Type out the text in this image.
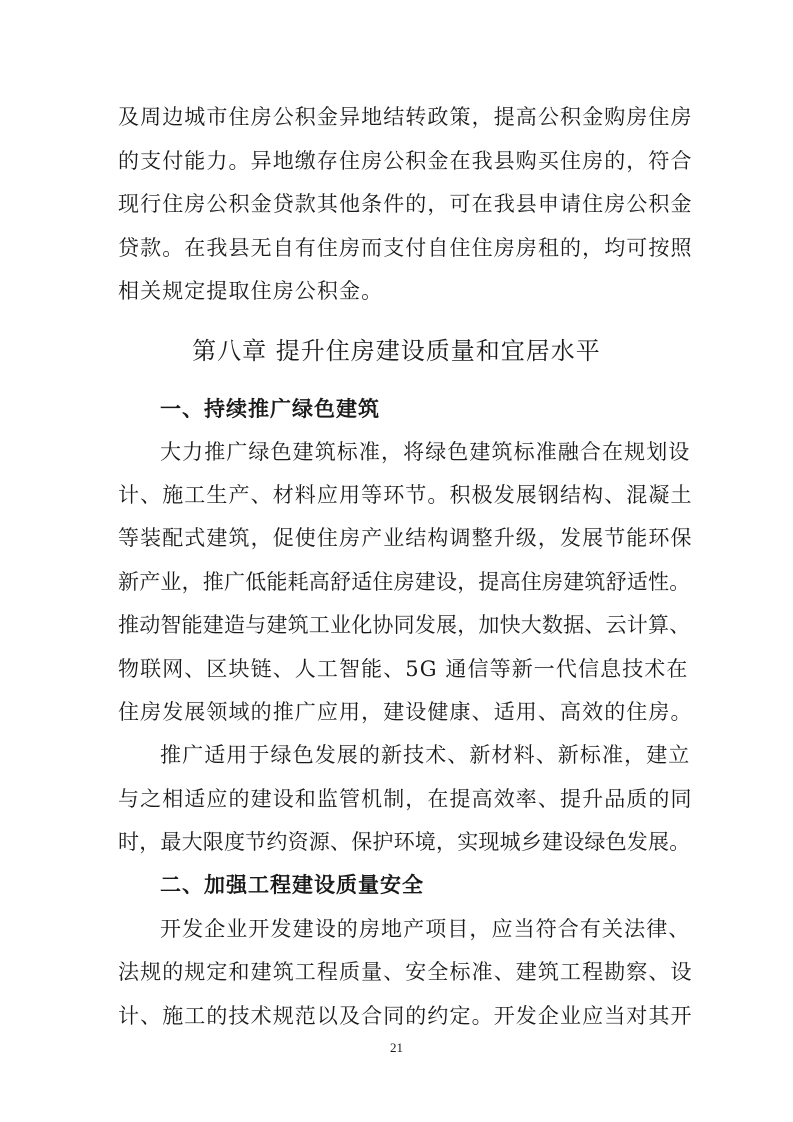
及周边城市住房公积金异地结转政策，提高公积金购房住房
的支付能力。异地缴存住房公积金在我县购买住房的，符合
现行住房公积金贷款其他条件的，可在我县申请住房公积金
贷款。在我县无自有住房而支付自住住房房租的，均可按照
相关规定提取住房公积金。
第八章 提升住房建设质量和宜居水平
一、持续推广绿色建筑
大力推广绿色建筑标准，将绿色建筑标准融合在规划设
计、施工生产、材料应用等环节。积极发展钢结构、混凝土
等装配式建筑，促使住房产业结构调整升级，发展节能环保
新产业，推广低能耗高舒适住房建设，提高住房建筑舒适性。
推动智能建造与建筑工业化协同发展，加快大数据、云计算、
物联网、区块链、人工智能、5G 通信等新一代信息技术在
住房发展领域的推广应用，建设健康、适用、高效的住房。
推广适用于绿色发展的新技术、新材料、新标准，建立
与之相适应的建设和监管机制，在提高效率、提升品质的同
时，最大限度节约资源、保护环境，实现城乡建设绿色发展。
二、加强工程建设质量安全
开发企业开发建设的房地产项目，应当符合有关法律、
法规的规定和建筑工程质量、安全标准、建筑工程勘察、设
计、施工的技术规范以及合同的约定。开发企业应当对其开
21
